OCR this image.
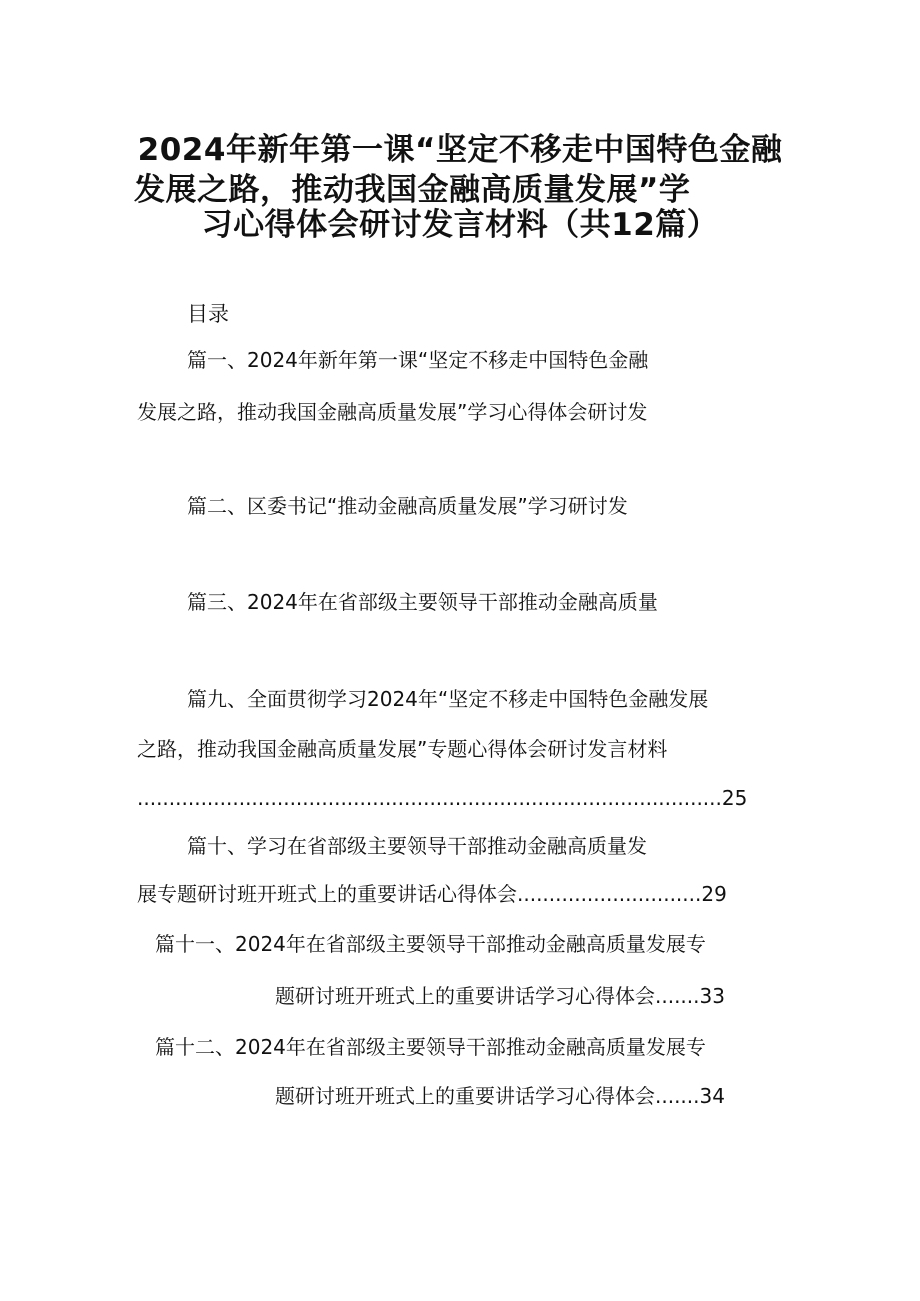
2024年新年第一课“坚定不移走中国特色金融
发展之路，推动我国金融高质量发展”学
习心得体会研讨发言材料（共12篇）
目录
篇一、2024年新年第一课“坚定不移走中国特色金融
发展之路，推动我国金融高质量发展”学习心得体会研讨发
篇二、区委书记“推动金融高质量发展”学习研讨发
篇三、2024年在省部级主要领导干部推动金融高质量
篇九、全面贯彻学习2024年“坚定不移走中国特色金融发展
之路，推动我国金融高质量发展”专题心得体会研讨发言材料
............................................................................................25
篇十、学习在省部级主要领导干部推动金融高质量发
展专题研讨班开班式上的重要讲话心得体会.............................29
篇十一、2024年在省部级主要领导干部推动金融高质量发展专
题研讨班开班式上的重要讲话学习心得体会.......33
篇十二、2024年在省部级主要领导干部推动金融高质量发展专
题研讨班开班式上的重要讲话学习心得体会.......34
